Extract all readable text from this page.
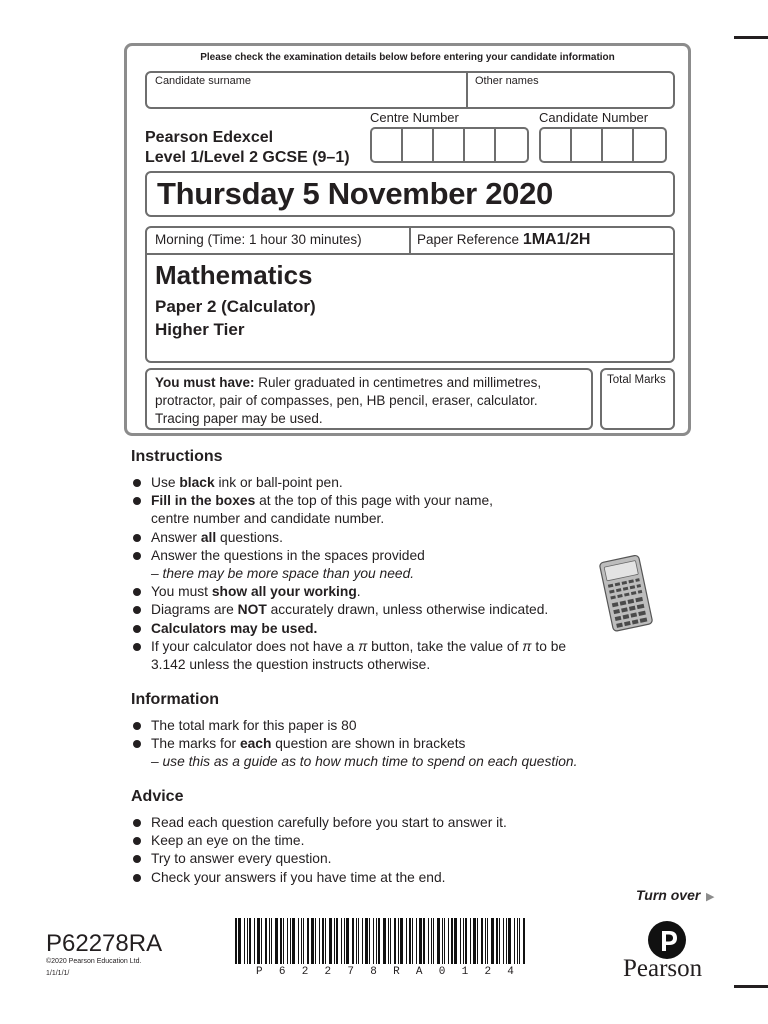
Please check the examination details below before entering your candidate information
Candidate surname	Other names
Centre Number	Candidate Number
Pearson Edexcel
Level 1/Level 2 GCSE (9–1)
Thursday 5 November 2020
Morning (Time: 1 hour 30 minutes)	Paper Reference 1MA1/2H
Mathematics
Paper 2 (Calculator)
Higher Tier
You must have: Ruler graduated in centimetres and millimetres, protractor, pair of compasses, pen, HB pencil, eraser, calculator. Tracing paper may be used.
Total Marks
Instructions
Use black ink or ball-point pen.
Fill in the boxes at the top of this page with your name,
centre number and candidate number.
Answer all questions.
Answer the questions in the spaces provided
– there may be more space than you need.
You must show all your working.
Diagrams are NOT accurately drawn, unless otherwise indicated.
Calculators may be used.
If your calculator does not have a π button, take the value of π to be
3.142 unless the question instructs otherwise.
Information
The total mark for this paper is 80
The marks for each question are shown in brackets
– use this as a guide as to how much time to spend on each question.
Advice
Read each question carefully before you start to answer it.
Keep an eye on the time.
Try to answer every question.
Check your answers if you have time at the end.
Turn over ▶
P62278RA
©2020 Pearson Education Ltd.
1/1/1/1/	P 6 2 2 7 8 R A 0 1 2 4	Pearson
